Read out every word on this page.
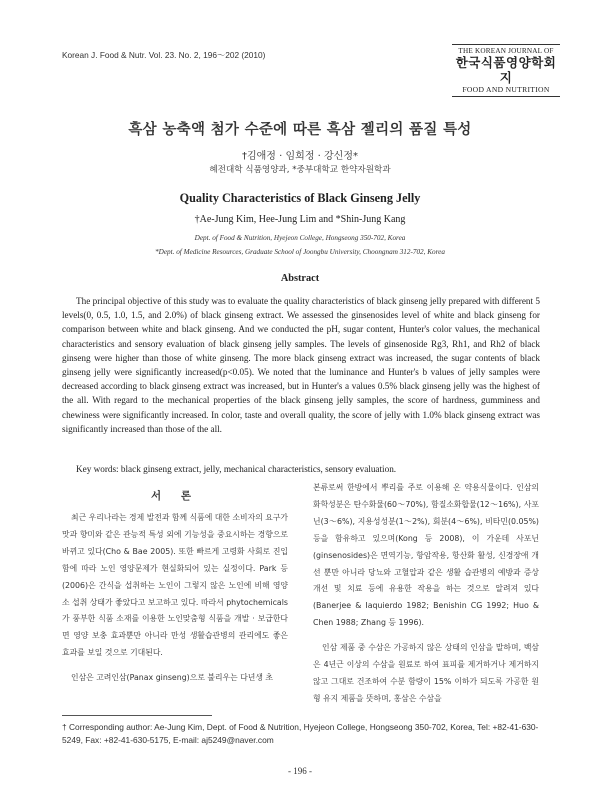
Korean J. Food & Nutr. Vol. 23. No. 2, 196～202 (2010)	THE KOREAN JOURNAL OF
한국식품영양학회지
FOOD AND NUTRITION
흑삼 농축액 첨가 수준에 따른 흑삼 젤리의 품질 특성
†김애정 · 임희정 · 강신정*
혜전대학 식품영양과, *중부대학교 한약자원학과
Quality Characteristics of Black Ginseng Jelly
†Ae-Jung Kim, Hee-Jung Lim and *Shin-Jung Kang
Dept. of Food & Nutrition, Hyejeon College, Hongseong 350-702, Korea
*Dept. of Medicine Resources, Graduate School of Joongbu University, Choongnam 312-702, Korea
Abstract
The principal objective of this study was to evaluate the quality characteristics of black ginseng jelly prepared with different 5 levels(0, 0.5, 1.0, 1.5, and 2.0%) of black ginseng extract. We assessed the ginsenosides level of white and black ginseng for comparison between white and black ginseng. And we conducted the pH, sugar content, Hunter's color values, the mechanical characteristics and sensory evaluation of black ginseng jelly samples. The levels of ginsenoside Rg3, Rh1, and Rh2 of black ginseng were higher than those of white ginseng. The more black ginseng extract was increased, the sugar contents of black ginseng jelly were significantly increased(p<0.05). We noted that the luminance and Hunter's b values of jelly samples were decreased according to black ginseng extract was increased, but in Hunter's a values 0.5% black ginseng jelly was the highest of the all. With regard to the mechanical properties of the black ginseng jelly samples, the score of hardness, gumminess and chewiness were significantly increased. In color, taste and overall quality, the score of jelly with 1.0% black ginseng extract was significantly increased than those of the all.
Key words: black ginseng extract, jelly, mechanical characteristics, sensory evaluation.
서 론

최근 우리나라는 경제 발전과 함께 식품에 대한 소비자의 요구가 맛과 향미와 같은 관능적 특성 외에 기능성을 중요시하는 경향으로 바뀌고 있다(Cho & Bae 2005). 또한 빠르게 고령화 사회로 진입함에 따라 노인 영양문제가 현실화되어 있는 실정이다. Park 등(2006)은 간식을 섭취하는 노인이 그렇지 않은 노인에 비해 영양소 섭취 상태가 좋았다고 보고하고 있다. 따라서 phytochemicals가 풍부한 식품 소재를 이용한 노인맞춤형 식품을 개발 · 보급한다면 영양 보충 효과뿐만 아니라 만성 생활습관병의 관리에도 좋은 효과를 보일 것으로 기대된다.

인삼은 고려인삼(Panax ginseng)으로 불리우는 다년생 초

본류로써 한방에서 뿌리를 주로 이용해 온 약용식물이다. 인삼의 화학성분은 탄수화물(60～70%), 함질소화합물(12～16%), 사포닌(3～6%), 지용성성분(1～2%), 회분(4～6%), 비타민(0.05%) 등을 함유하고 있으며(Kong 등 2008), 이 가운데 사포닌(ginsenosides)은 면역기능, 항암작용, 항산화 활성, 신경장애 개선 뿐만 아니라 당뇨와 고혈압과 같은 생활 습관병의 예방과 증상 개선 및 치료 등에 유용한 작용을 하는 것으로 알려져 있다(Banerjee & Iaquierdo 1982; Benishin CG 1992; Huo & Chen 1988; Zhang 등 1996).

인삼 제품 중 수삼은 가공하지 않은 상태의 인삼을 말하며, 백삼은 4년근 이상의 수삼을 원료로 하여 표피를 제거하거나 제거하지 않고 그대로 건조하여 수분 함량이 15% 이하가 되도록 가공한 원형 유지 제품을 뜻하며, 홍삼은 수삼을

† Corresponding author: Ae-Jung Kim, Dept. of Food & Nutrition, Hyejeon College, Hongseong 350-702, Korea, Tel: +82-41-630-5249, Fax: +82-41-630-5175, E-mail: aj5249@naver.com
- 196 -
